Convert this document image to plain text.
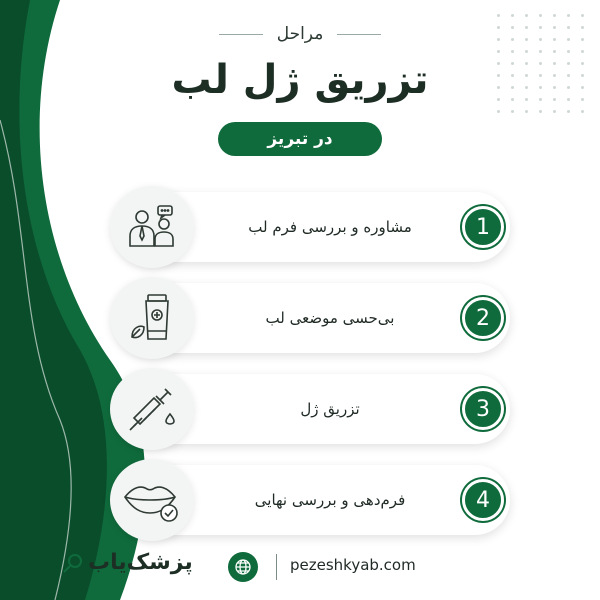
مراحل
تزریق ژل لب
در تبریز
مشاوره و بررسی فرم لب	1
بی‌حسی موضعی لب	2
تزریق ژل	3
فرم‌دهی و بررسی نهایی	4
پزشک‌یاب	pezeshkyab.com
